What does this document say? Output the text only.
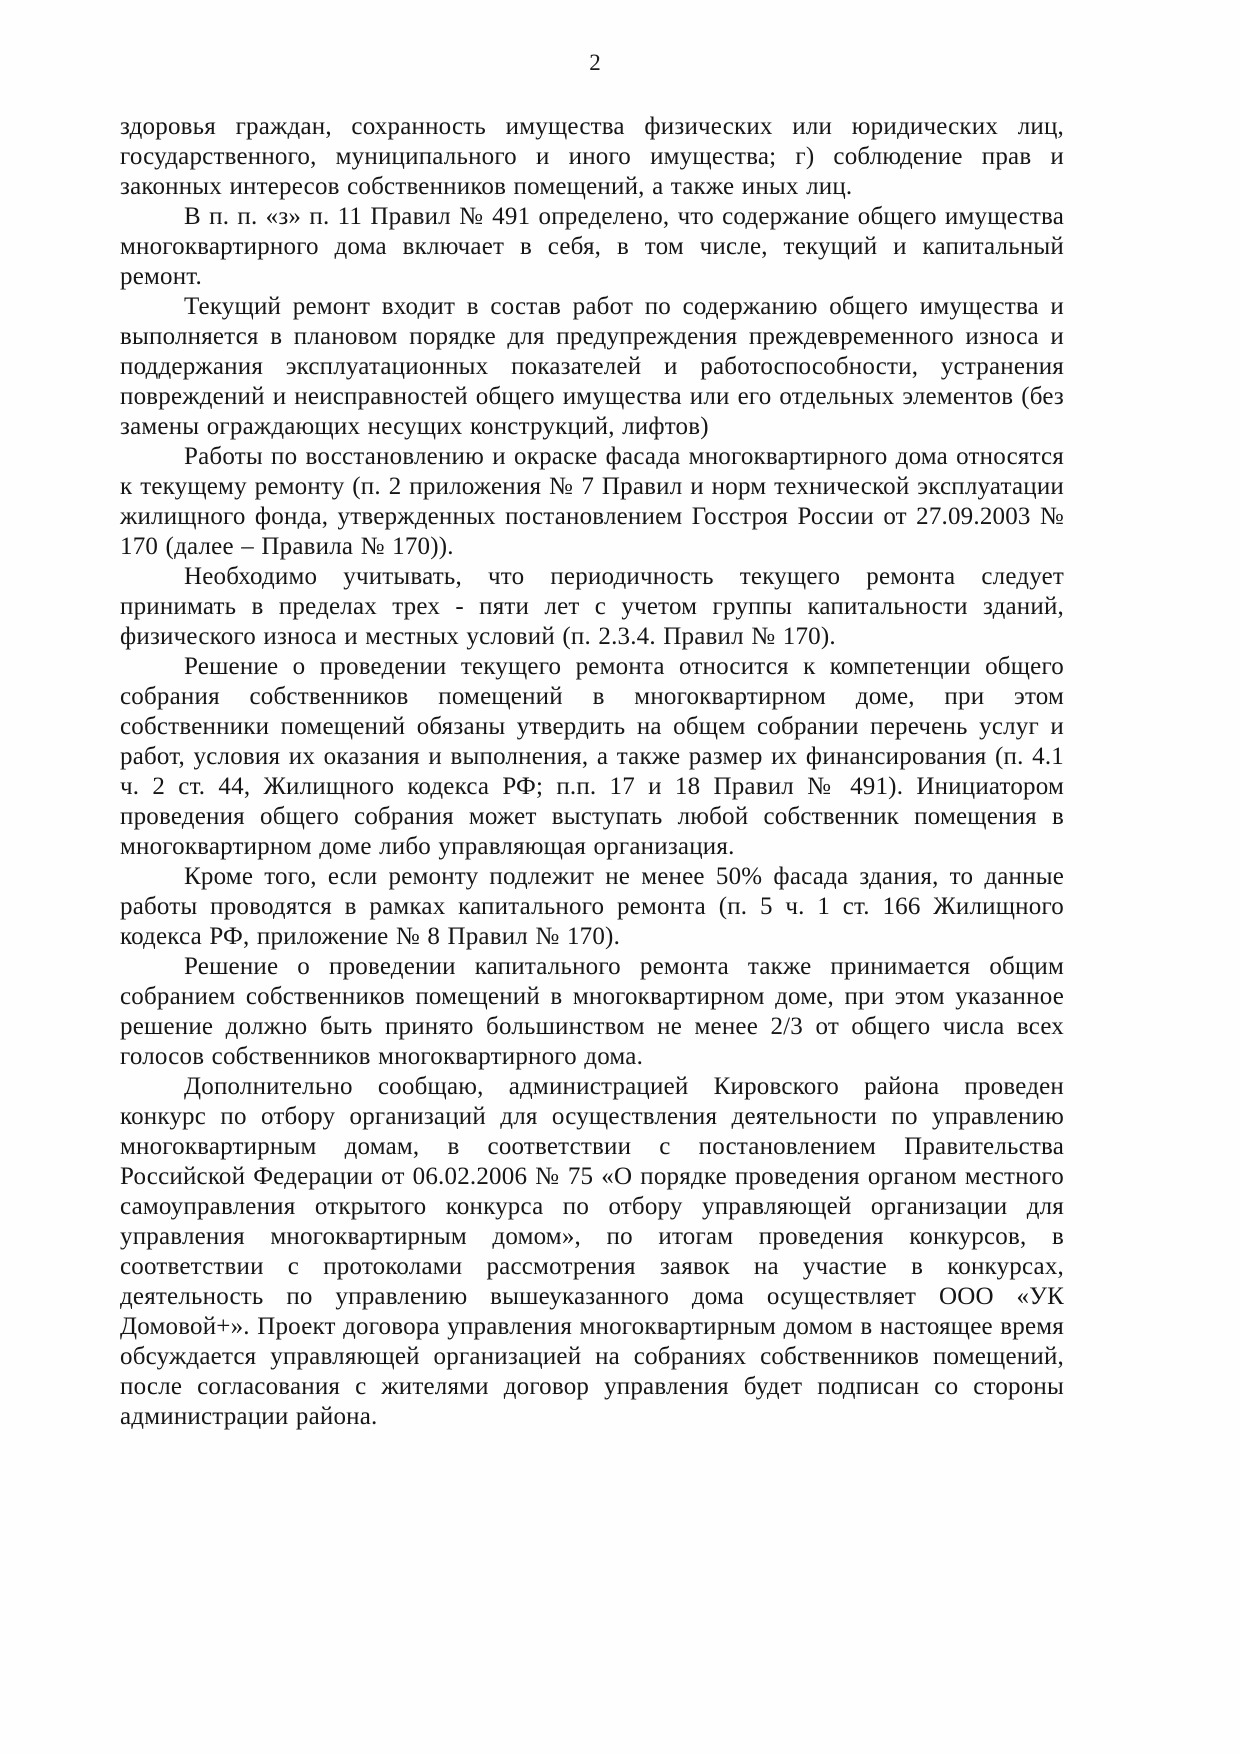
2

здоровья граждан, сохранность имущества физических или юридических лиц, государственного, муниципального и иного имущества; г) соблюдение прав и законных интересов собственников помещений, а также иных лиц.

В п. п. «з» п. 11 Правил № 491 определено, что содержание общего имущества многоквартирного дома включает в себя, в том числе, текущий и капитальный ремонт.

Текущий ремонт входит в состав работ по содержанию общего имущества и выполняется в плановом порядке для предупреждения преждевременного износа и поддержания эксплуатационных показателей и работоспособности, устранения повреждений и неисправностей общего имущества или его отдельных элементов (без замены ограждающих несущих конструкций, лифтов)

Работы по восстановлению и окраске фасада многоквартирного дома относятся к текущему ремонту (п. 2 приложения № 7 Правил и норм технической эксплуатации жилищного фонда, утвержденных постановлением Госстроя России от 27.09.2003 № 170 (далее – Правила № 170)).

Необходимо учитывать, что периодичность текущего ремонта следует принимать в пределах трех - пяти лет с учетом группы капитальности зданий, физического износа и местных условий (п. 2.3.4. Правил № 170).

Решение о проведении текущего ремонта относится к компетенции общего собрания собственников помещений в многоквартирном доме, при этом собственники помещений обязаны утвердить на общем собрании перечень услуг и работ, условия их оказания и выполнения, а также размер их финансирования (п. 4.1 ч. 2 ст. 44, Жилищного кодекса РФ; п.п. 17 и 18 Правил № 491). Инициатором проведения общего собрания может выступать любой собственник помещения в многоквартирном доме либо управляющая организация.

Кроме того, если ремонту подлежит не менее 50% фасада здания, то данные работы проводятся в рамках капитального ремонта (п. 5 ч. 1 ст. 166 Жилищного кодекса РФ, приложение № 8 Правил № 170).

Решение о проведении капитального ремонта также принимается общим собранием собственников помещений в многоквартирном доме, при этом указанное решение должно быть принято большинством не менее 2/3 от общего числа всех голосов собственников многоквартирного дома.

Дополнительно сообщаю, администрацией Кировского района проведен конкурс по отбору организаций для осуществления деятельности по управлению многоквартирным домам, в соответствии с постановлением Правительства Российской Федерации от 06.02.2006 № 75 «О порядке проведения органом местного самоуправления открытого конкурса по отбору управляющей организации для управления многоквартирным домом», по итогам проведения конкурсов, в соответствии с протоколами рассмотрения заявок на участие в конкурсах, деятельность по управлению вышеуказанного дома осуществляет ООО «УК Домовой+». Проект договора управления многоквартирным домом в настоящее время обсуждается управляющей организацией на собраниях собственников помещений, после согласования с жителями договор управления будет подписан со стороны администрации района.
